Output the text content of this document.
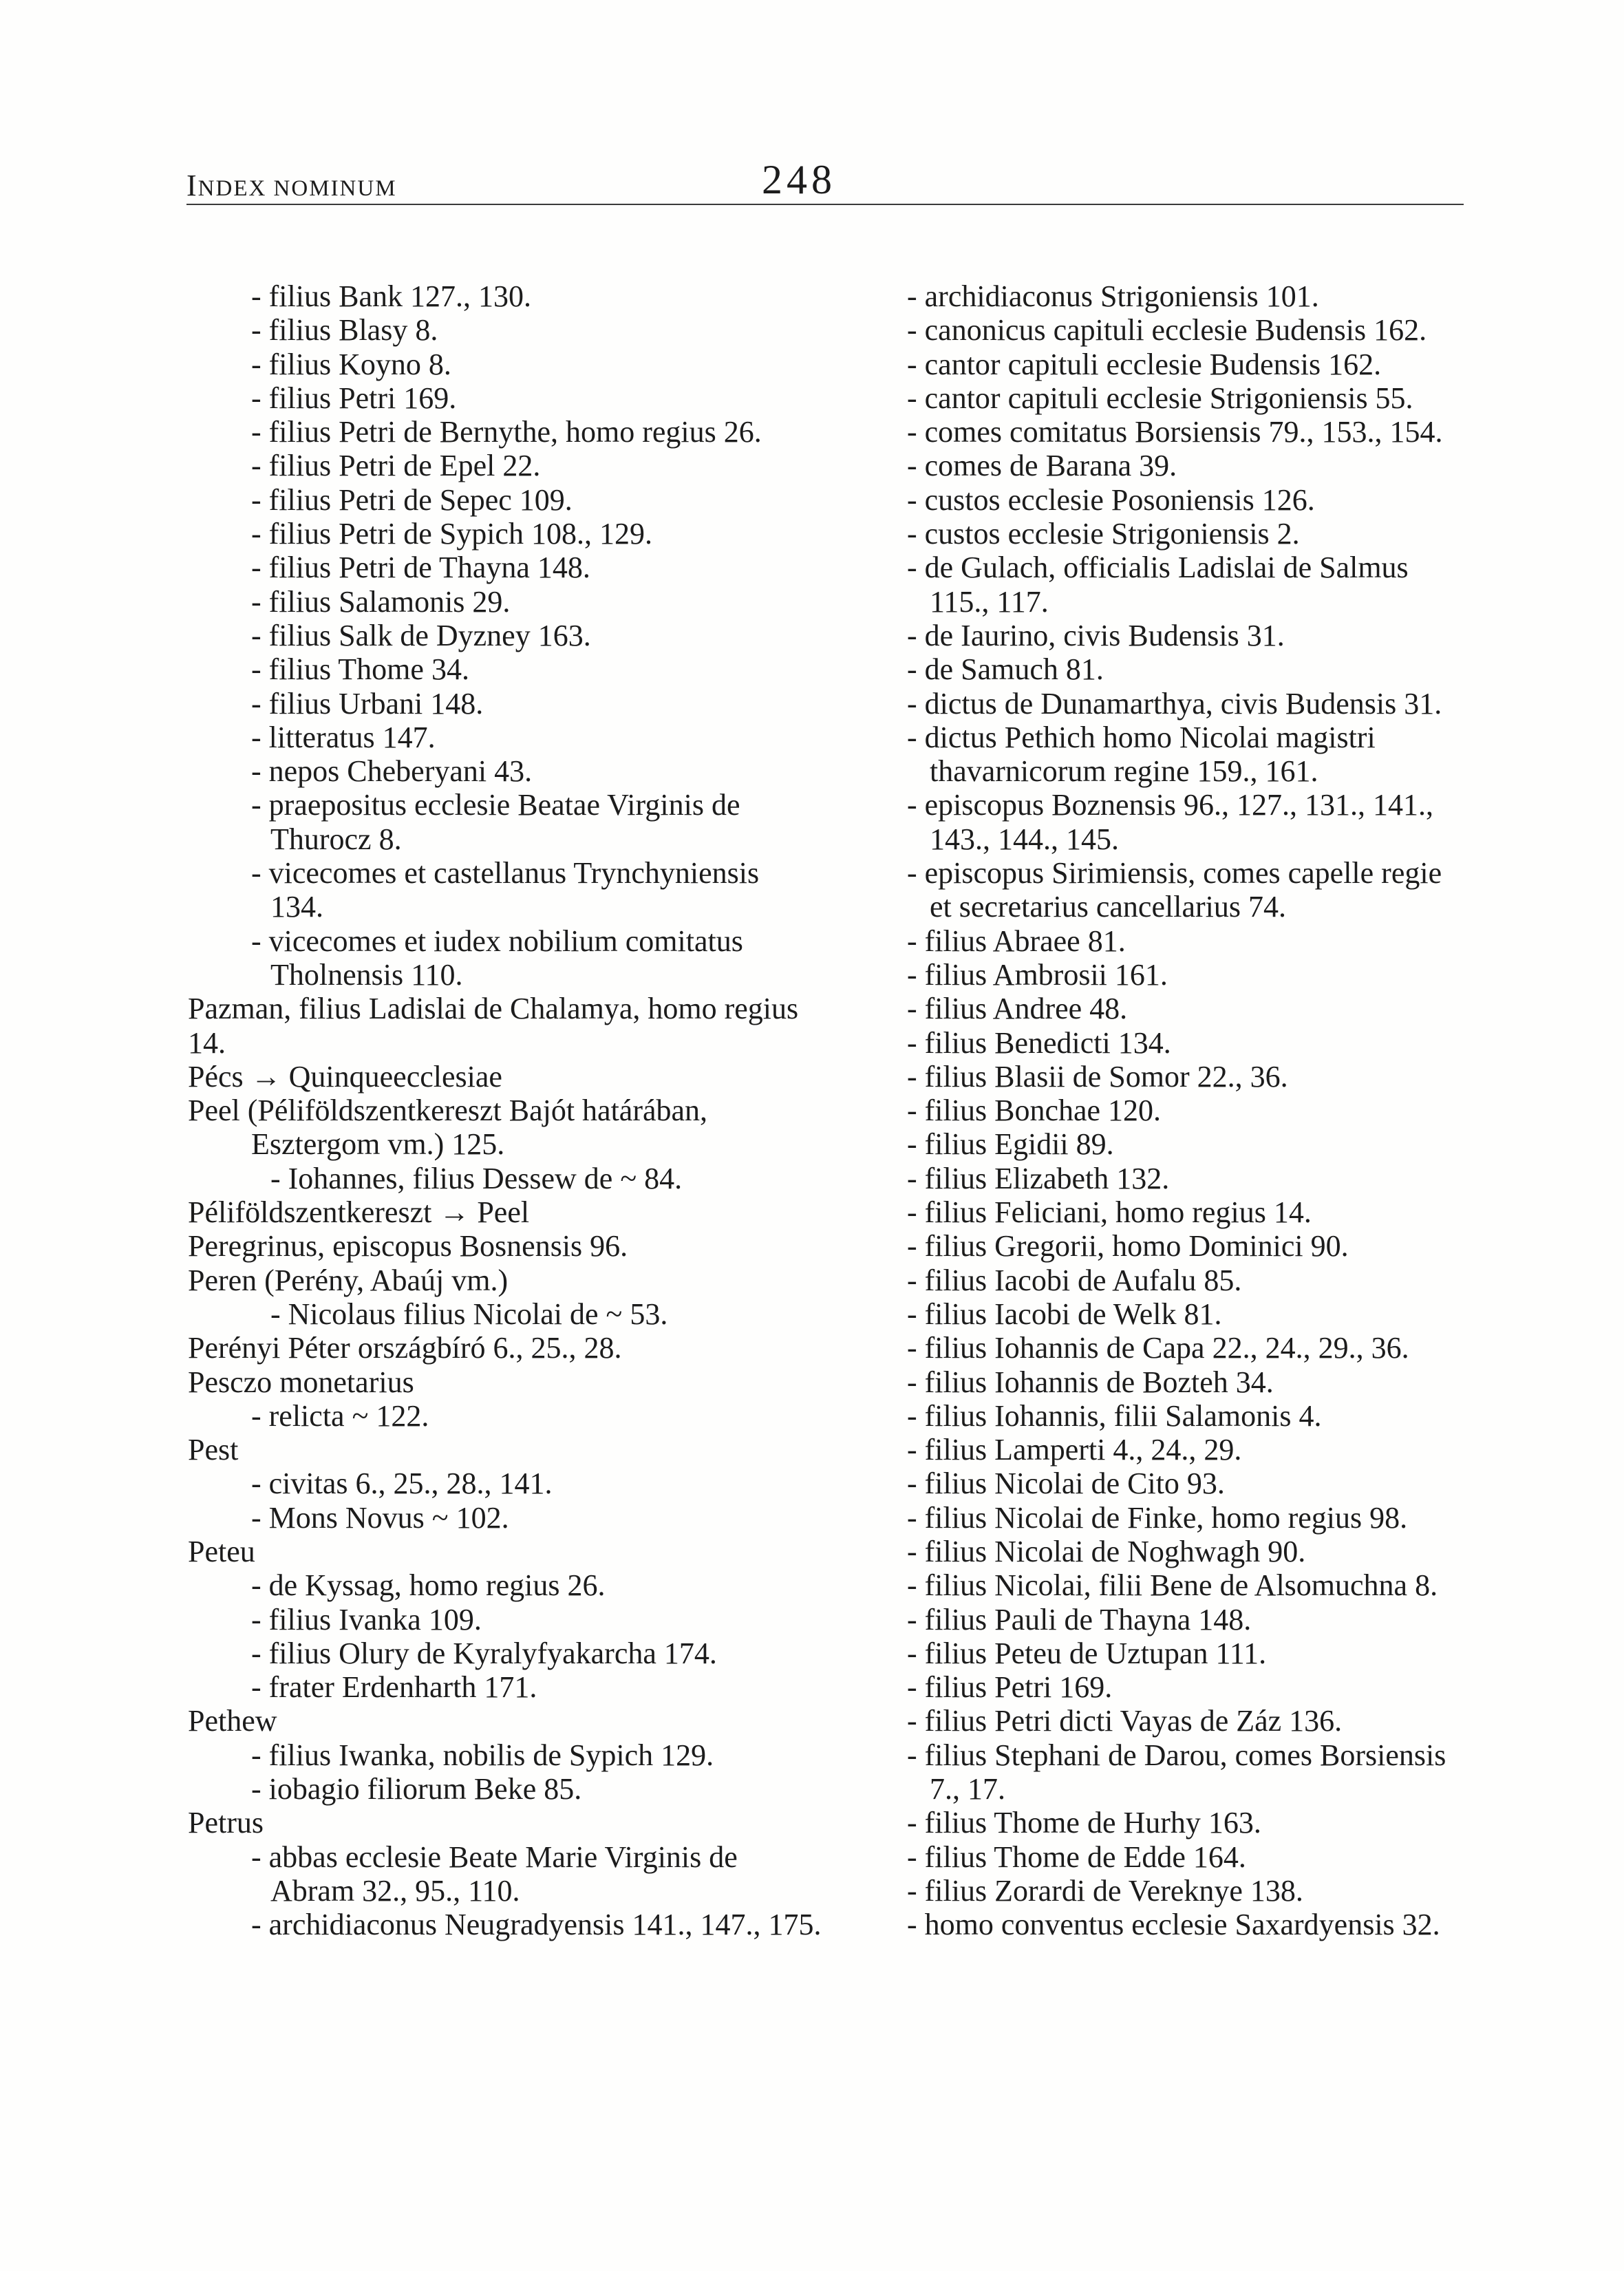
INDEX NOMINUM	248
- filius Bank 127., 130.
- filius Blasy 8.
- filius Koyno 8.
- filius Petri 169.
- filius Petri de Bernythe, homo regius 26.
- filius Petri de Epel 22.
- filius Petri de Sepec 109.
- filius Petri de Sypich 108., 129.
- filius Petri de Thayna 148.
- filius Salamonis 29.
- filius Salk de Dyzney 163.
- filius Thome 34.
- filius Urbani 148.
- litteratus 147.
- nepos Cheberyani 43.
- praepositus ecclesie Beatae Virginis de
Thurocz 8.
- vicecomes et castellanus Trynchyniensis
134.
- vicecomes et iudex nobilium comitatus
Tholnensis 110.
Pazman, filius Ladislai de Chalamya, homo regius
14.
Pécs → Quinqueecclesiae
Peel (Péliföldszentkereszt Bajót határában,
Esztergom vm.) 125.
- Iohannes, filius Dessew de ~ 84.
Péliföldszentkereszt → Peel
Peregrinus, episcopus Bosnensis 96.
Peren (Perény, Abaúj vm.)
- Nicolaus filius Nicolai de ~ 53.
Perényi Péter országbíró 6., 25., 28.
Pesczo monetarius
- relicta ~ 122.
Pest
- civitas 6., 25., 28., 141.
- Mons Novus ~ 102.
Peteu
- de Kyssag, homo regius 26.
- filius Ivanka 109.
- filius Olury de Kyralyfyakarcha 174.
- frater Erdenharth 171.
Pethew
- filius Iwanka, nobilis de Sypich 129.
- iobagio filiorum Beke 85.
Petrus
- abbas ecclesie Beate Marie Virginis de
Abram 32., 95., 110.
- archidiaconus Neugradyensis 141., 147., 175.
- archidiaconus Strigoniensis 101.
- canonicus capituli ecclesie Budensis 162.
- cantor capituli ecclesie Budensis 162.
- cantor capituli ecclesie Strigoniensis 55.
- comes comitatus Borsiensis 79., 153., 154.
- comes de Barana 39.
- custos ecclesie Posoniensis 126.
- custos ecclesie Strigoniensis 2.
- de Gulach, officialis Ladislai de Salmus
115., 117.
- de Iaurino, civis Budensis 31.
- de Samuch 81.
- dictus de Dunamarthya, civis Budensis 31.
- dictus Pethich homo Nicolai magistri
thavarnicorum regine 159., 161.
- episcopus Boznensis 96., 127., 131., 141.,
143., 144., 145.
- episcopus Sirimiensis, comes capelle regie
et secretarius cancellarius 74.
- filius Abraee 81.
- filius Ambrosii 161.
- filius Andree 48.
- filius Benedicti 134.
- filius Blasii de Somor 22., 36.
- filius Bonchae 120.
- filius Egidii 89.
- filius Elizabeth 132.
- filius Feliciani, homo regius 14.
- filius Gregorii, homo Dominici 90.
- filius Iacobi de Aufalu 85.
- filius Iacobi de Welk 81.
- filius Iohannis de Capa 22., 24., 29., 36.
- filius Iohannis de Bozteh 34.
- filius Iohannis, filii Salamonis 4.
- filius Lamperti 4., 24., 29.
- filius Nicolai de Cito 93.
- filius Nicolai de Finke, homo regius 98.
- filius Nicolai de Noghwagh 90.
- filius Nicolai, filii Bene de Alsomuchna 8.
- filius Pauli de Thayna 148.
- filius Peteu de Uztupan 111.
- filius Petri 169.
- filius Petri dicti Vayas de Záz 136.
- filius Stephani de Darou, comes Borsiensis
7., 17.
- filius Thome de Hurhy 163.
- filius Thome de Edde 164.
- filius Zorardi de Vereknye 138.
- homo conventus ecclesie Saxardyensis 32.
